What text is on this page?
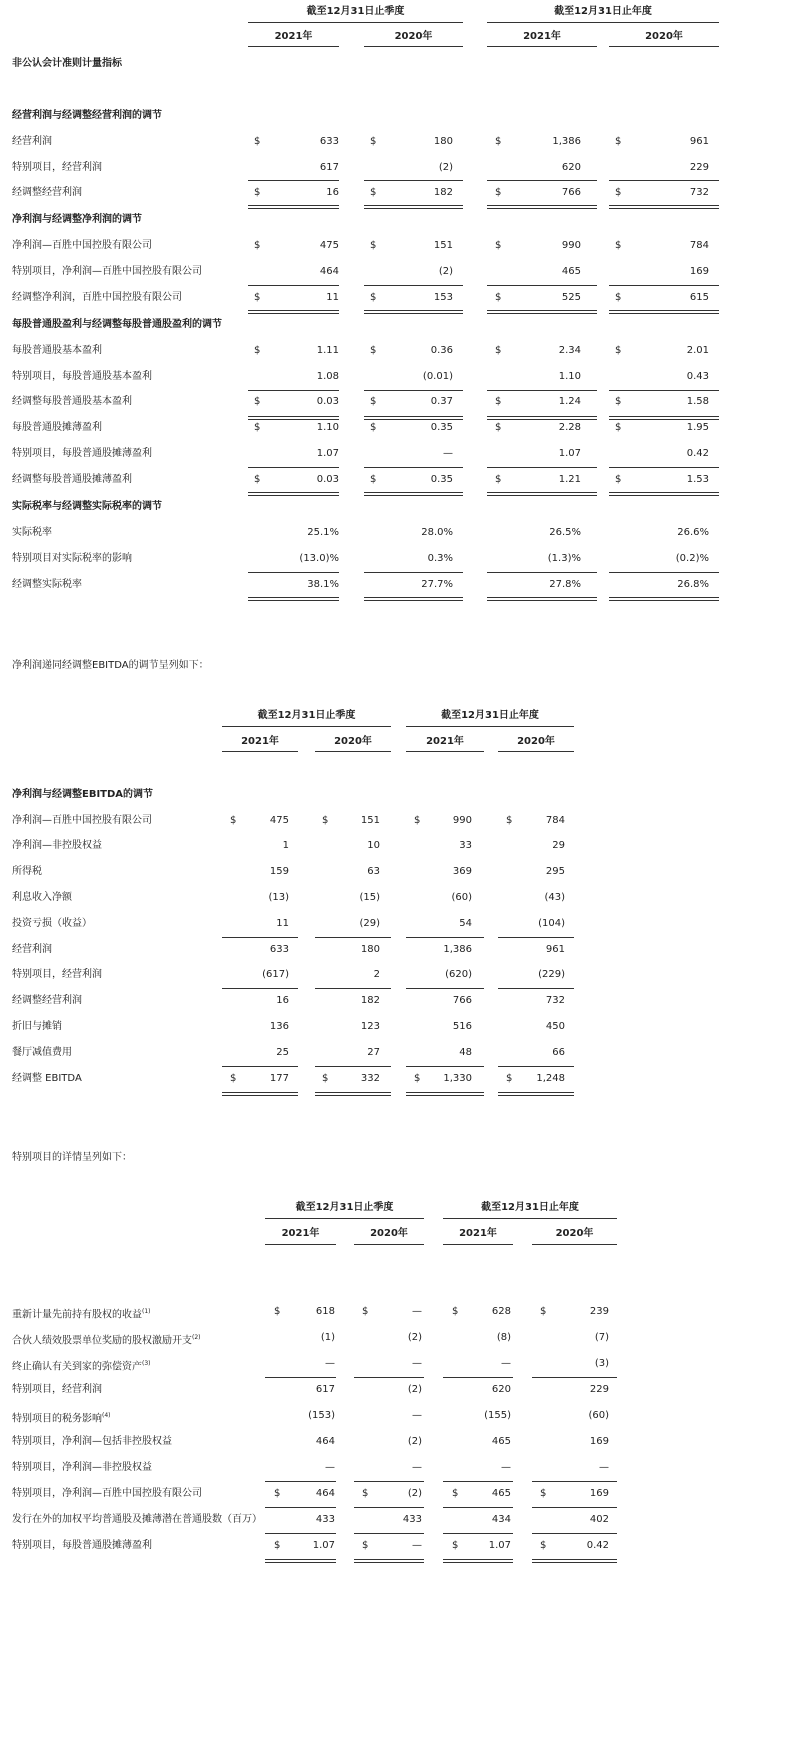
截至12月31日止季度	截至12月31日止年度
2021年	2020年	2021年	2020年
非公认会计准则计量指标
经营利润与经调整经营利润的调节
经营利润	$	633	$	180	$	1,386	$	961
特别项目，经营利润	617	(2)	620	229
经调整经营利润	$	16	$	182	$	766	$	732
净利润与经调整净利润的调节
净利润—百胜中国控股有限公司	$	475	$	151	$	990	$	784
特别项目，净利润—百胜中国控股有限公司	464	(2)	465	169
经调整净利润，百胜中国控股有限公司	$	11	$	153	$	525	$	615
每股普通股盈利与经调整每股普通股盈利的调节
每股普通股基本盈利	$	1.11	$	0.36	$	2.34	$	2.01
特别项目，每股普通股基本盈利	1.08	(0.01)	1.10	0.43
经调整每股普通股基本盈利	$	0.03	$	0.37	$	1.24	$	1.58
每股普通股摊薄盈利	$	1.10	$	0.35	$	2.28	$	1.95
特别项目，每股普通股摊薄盈利	1.07	—	1.07	0.42
经调整每股普通股摊薄盈利	$	0.03	$	0.35	$	1.21	$	1.53
实际税率与经调整实际税率的调节
实际税率	25.1%	28.0%	26.5%	26.6%
特别项目对实际税率的影响	(13.0)%	0.3%	(1.3)%	(0.2)%
经调整实际税率	38.1%	27.7%	27.8%	26.8%
净利润递同经调整EBITDA的调节呈列如下：
截至12月31日止季度	截至12月31日止年度
2021年	2020年	2021年	2020年
净利润与经调整EBITDA的调节
净利润—百胜中国控股有限公司	$	475	$	151	$	990	$	784
净利润—非控股权益	1	10	33	29
所得税	159	63	369	295
利息收入净额	(13)	(15)	(60)	(43)
投资亏损（收益）	11	(29)	54	(104)
经营利润	633	180	1,386	961
特别项目，经营利润	(617)	2	(620)	(229)
经调整经营利润	16	182	766	732
折旧与摊销	136	123	516	450
餐厅减值费用	25	27	48	66
经调整 EBITDA	$	177	$	332	$	1,330	$	1,248
特别项目的详情呈列如下：
截至12月31日止季度	截至12月31日止年度
2021年	2020年	2021年	2020年
重新计量先前持有股权的收益$^{(1)}$	$	618	$	—	$	628	$	239
合伙人绩效股票单位奖励的股权激励开支$^{(2)}$	(1)	(2)	(8)	(7)
终止确认有关到家的弥偿资产$^{(3)}$	—	—	—	(3)
特别项目，经营利润	617	(2)	620	229
特别项目的税务影响$^{(4)}$	(153)	—	(155)	(60)
特别项目，净利润—包括非控股权益	464	(2)	465	169
特别项目，净利润—非控股权益	—	—	—	—
特别项目，净利润—百胜中国控股有限公司	$	464	$	(2)	$	465	$	169
发行在外的加权平均普通股及摊薄潜在普通股数（百万）	433	433	434	402
特别项目，每股普通股摊薄盈利	$	1.07	$	—	$	1.07	$	0.42
